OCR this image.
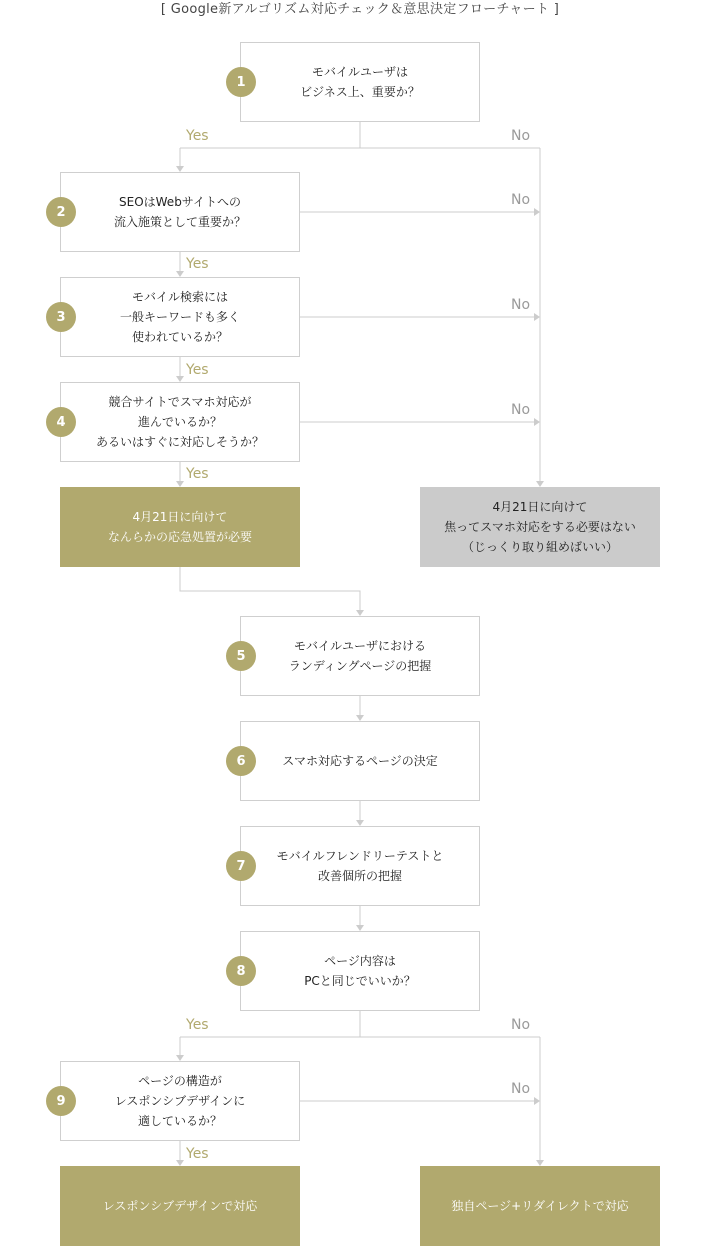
[ Google新アルゴリズム対応チェック＆意思決定フローチャート ]
モバイルユーザは
ビジネス上、重要か？
SEOはWebサイトへの
流入施策として重要か？
モバイル検索には
一般キーワードも多く
使われているか？
競合サイトでスマホ対応が
進んでいるか？
あるいはすぐに対応しそうか？
モバイルユーザにおける
ランディングページの把握
スマホ対応するページの決定
モバイルフレンドリーテストと
改善個所の把握
ページ内容は
PCと同じでいいか？
ページの構造が
レスポンシブデザインに
適しているか？
4月21日に向けて
なんらかの応急処置が必要
4月21日に向けて
焦ってスマホ対応をする必要はない
（じっくり取り組めばいい）
レスポンシブデザインで対応	独自ページ+リダイレクトで対応
1
2
3
4
5
6
7
8
9
Yes	No
No
Yes
No
Yes
No
Yes
Yes	No
No
Yes
